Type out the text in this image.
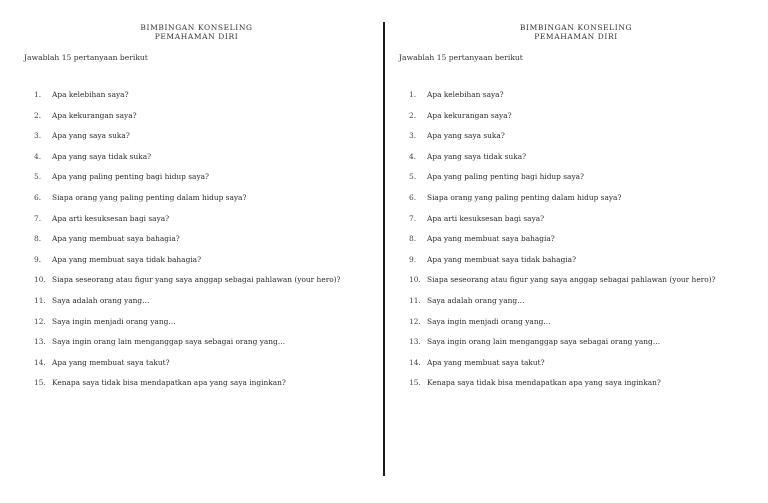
BIMBINGAN KONSELING
PEMAHAMAN DIRI
Jawablah 15 pertanyaan berikut
1. Apa kelebihan saya?
2. Apa kekurangan saya?
3. Apa yang saya suka?
4. Apa yang saya tidak suka?
5. Apa yang paling penting bagi hidup saya?
6. Siapa orang yang paling penting dalam hidup saya?
7. Apa arti kesuksesan bagi saya?
8. Apa yang membuat saya bahagia?
9. Apa yang membuat saya tidak bahagia?
10. Siapa seseorang atau figur yang saya anggap sebagai pahlawan (your hero)?
11. Saya adalah orang yang…
12. Saya ingin menjadi orang yang…
13. Saya ingin orang lain menganggap saya sebagai orang yang…
14. Apa yang membuat saya takut?
15. Kenapa saya tidak bisa mendapatkan apa yang saya inginkan?
BIMBINGAN KONSELING
PEMAHAMAN DIRI
Jawablah 15 pertanyaan berikut
1. Apa kelebihan saya?
2. Apa kekurangan saya?
3. Apa yang saya suka?
4. Apa yang saya tidak suka?
5. Apa yang paling penting bagi hidup saya?
6. Siapa orang yang paling penting dalam hidup saya?
7. Apa arti kesuksesan bagi saya?
8. Apa yang membuat saya bahagia?
9. Apa yang membuat saya tidak bahagia?
10. Siapa seseorang atau figur yang saya anggap sebagai pahlawan (your hero)?
11. Saya adalah orang yang…
12. Saya ingin menjadi orang yang…
13. Saya ingin orang lain menganggap saya sebagai orang yang…
14. Apa yang membuat saya takut?
15. Kenapa saya tidak bisa mendapatkan apa yang saya inginkan?
